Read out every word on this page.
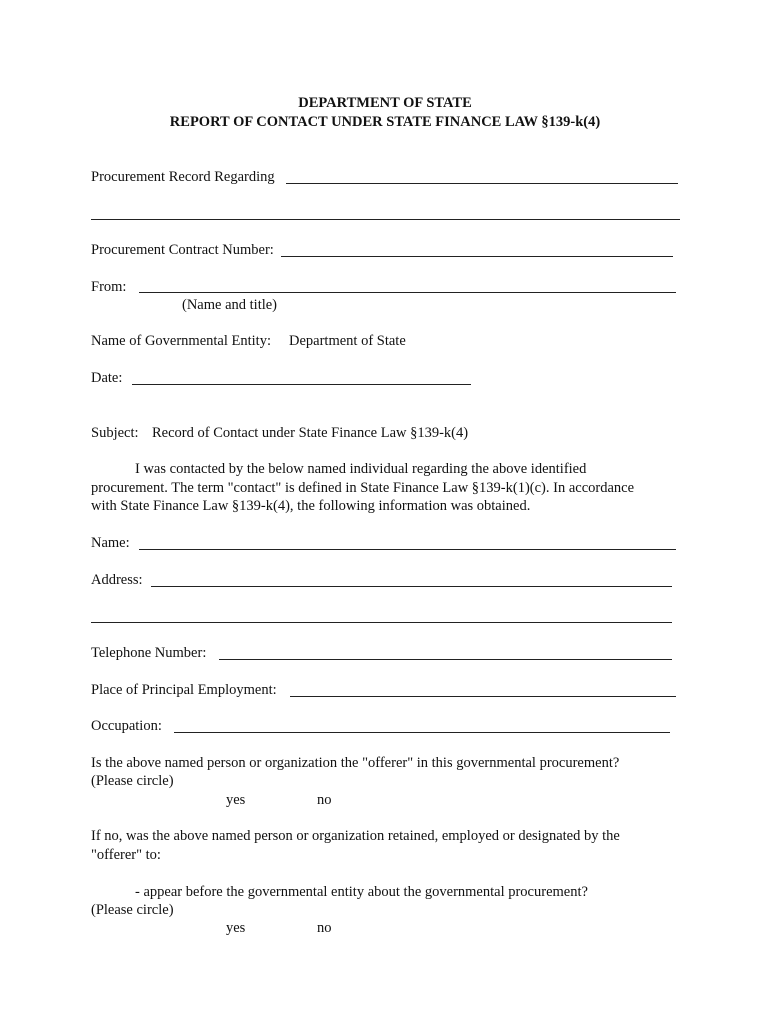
DEPARTMENT OF STATE
REPORT OF CONTACT UNDER STATE FINANCE LAW §139-k(4)
Procurement Record Regarding
Procurement Contract Number:
From:
(Name and title)
Name of Governmental Entity: Department of State
Date:
Subject: Record of Contact under State Finance Law §139-k(4)
I was contacted by the below named individual regarding the above identified
procurement. The term "contact" is defined in State Finance Law §139-k(1)(c). In accordance
with State Finance Law §139-k(4), the following information was obtained.
Name:
Address:
Telephone Number:
Place of Principal Employment:
Occupation:
Is the above named person or organization the "offerer" in this governmental procurement?
(Please circle)
yes	no
If no, was the above named person or organization retained, employed or designated by the
"offerer" to:
- appear before the governmental entity about the governmental procurement?
(Please circle)
yes	no
